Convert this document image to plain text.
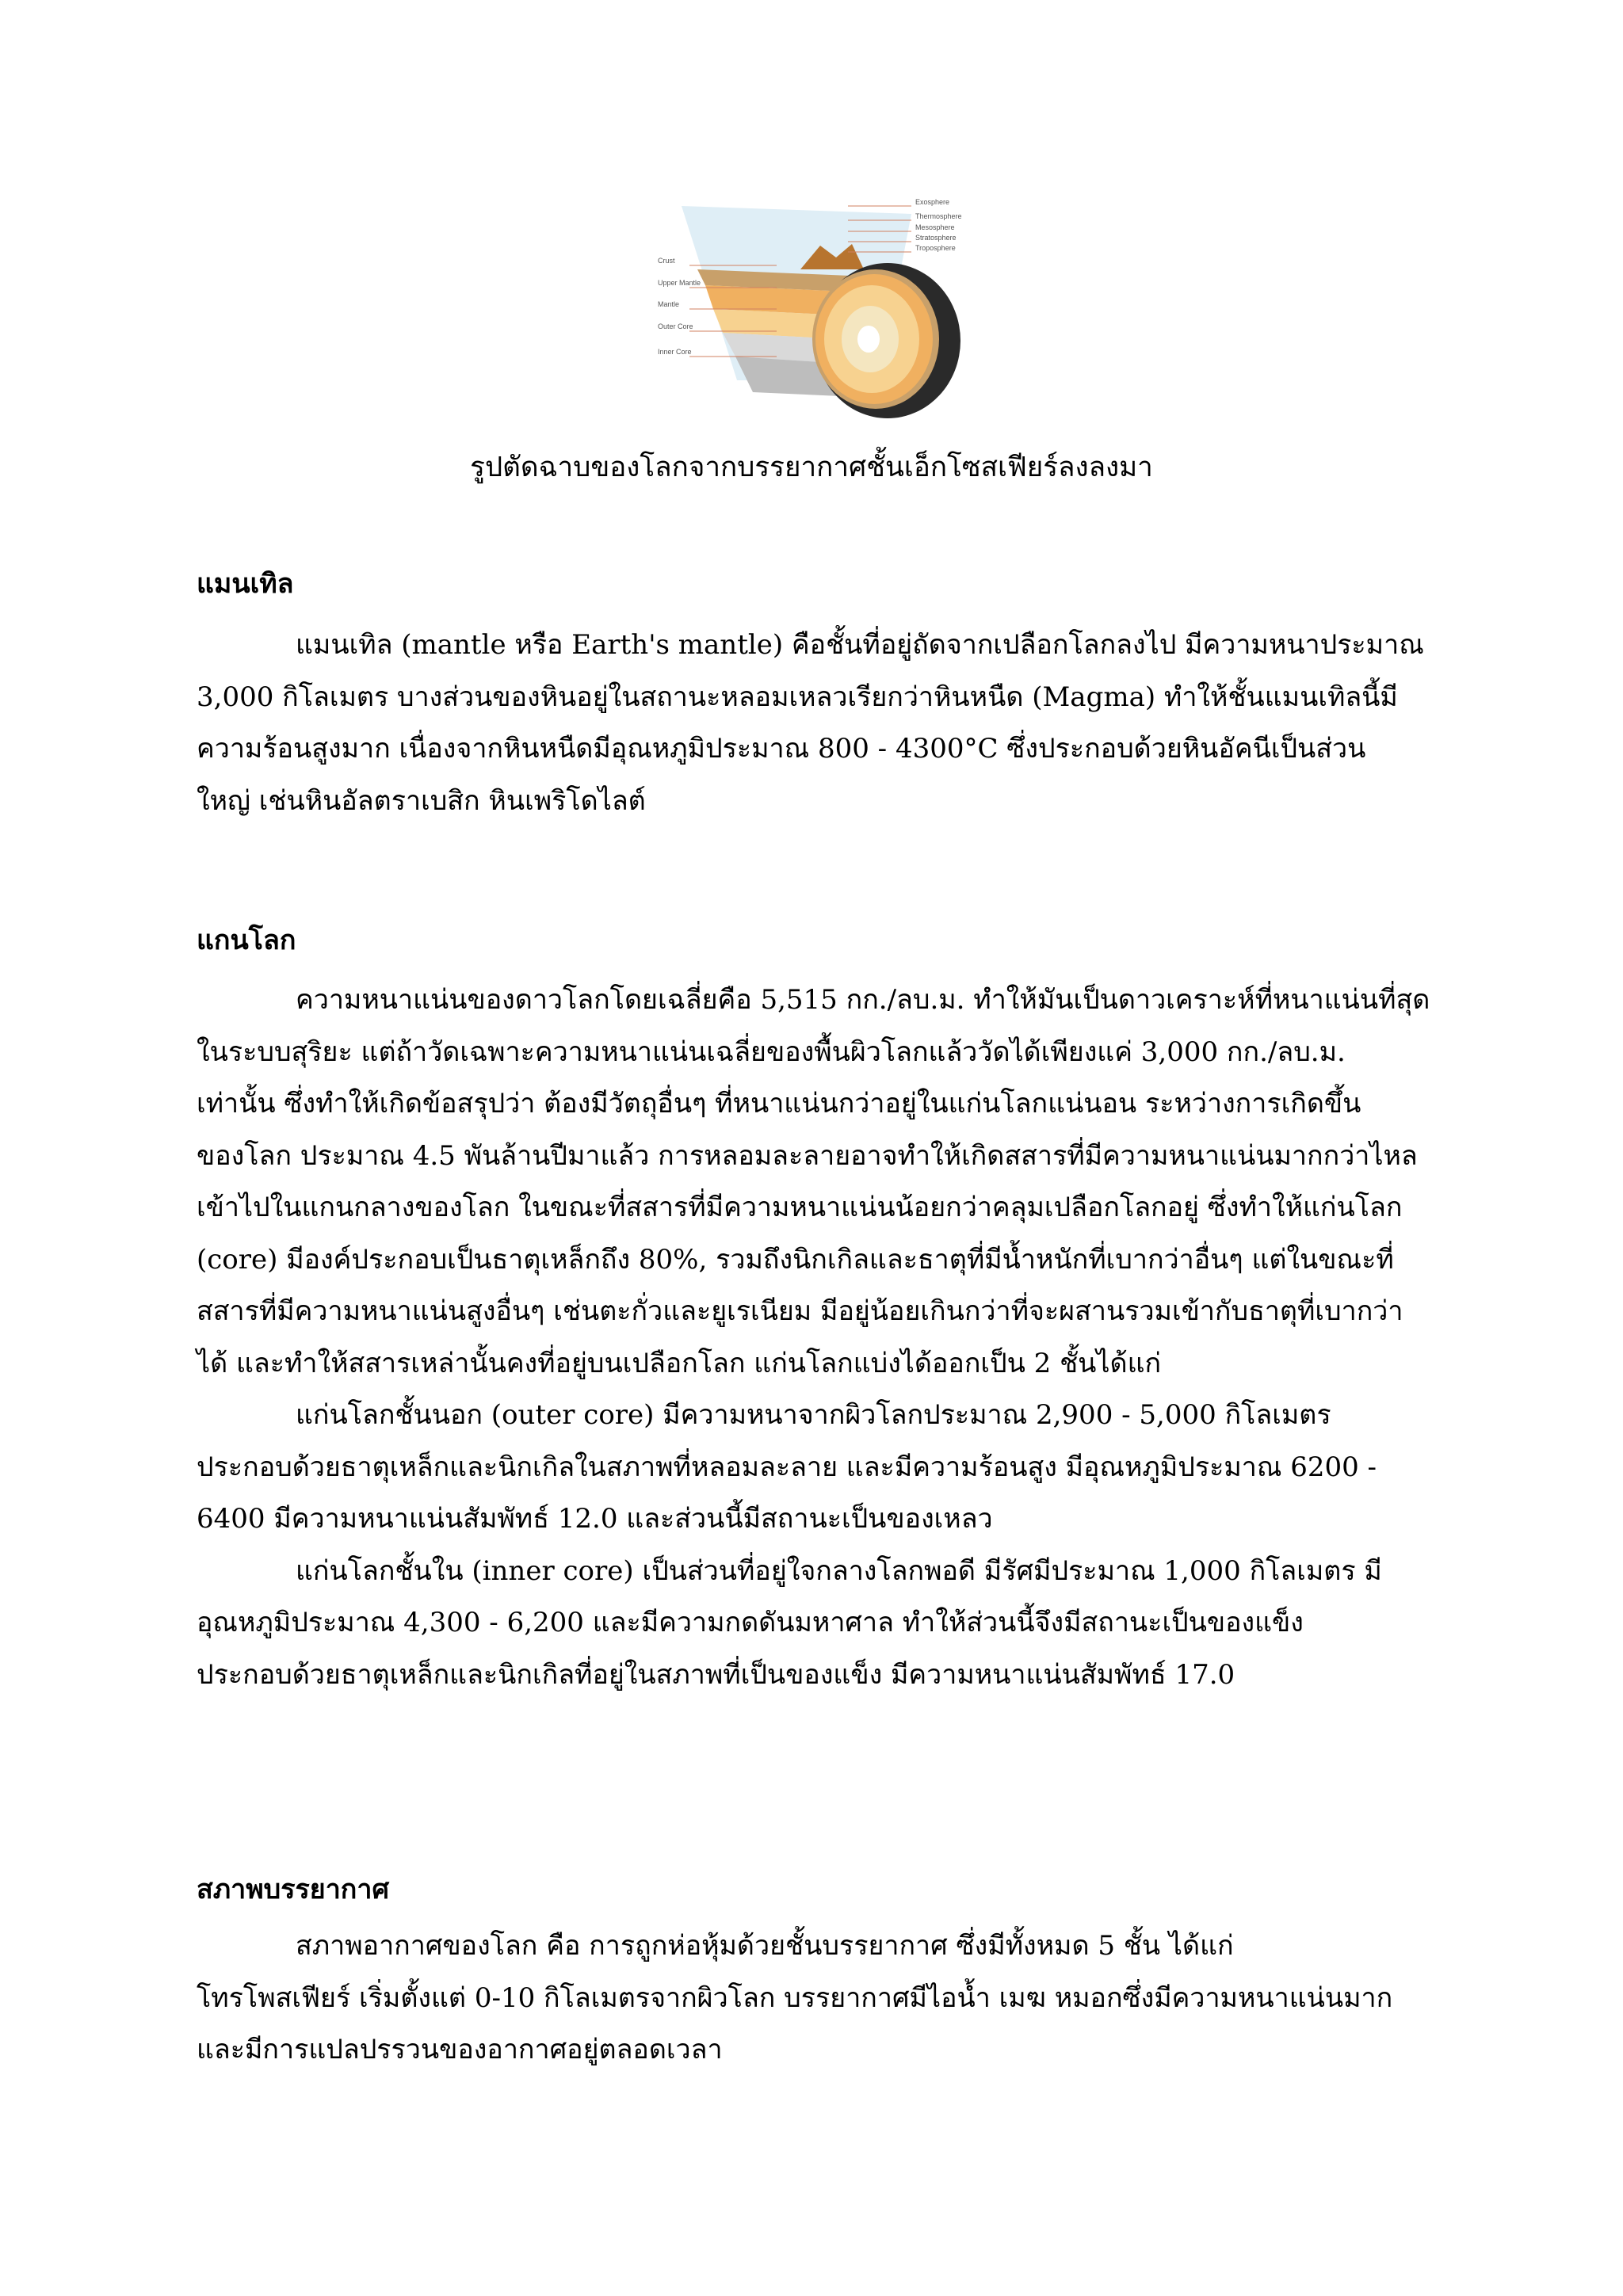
Crust
Upper Mantle
Mantle
Outer Core
Inner Core
Exosphere
Thermosphere
Mesosphere
Stratosphere
Troposphere
รูปตัดฉาบของโลกจากบรรยากาศชั้นเอ็กโซสเฟียร์ลงลงมา
แมนเทิล
แมนเทิล (mantle หรือ Earth's mantle) คือชั้นที่อยู่ถัดจากเปลือกโลกลงไป มีความหนาประมาณ
3,000 กิโลเมตร บางส่วนของหินอยู่ในสถานะหลอมเหลวเรียกว่าหินหนืด (Magma) ทำให้ชั้นแมนเทิลนี้มี
ความร้อนสูงมาก เนื่องจากหินหนืดมีอุณหภูมิประมาณ 800 - 4300°C ซึ่งประกอบด้วยหินอัคนีเป็นส่วน
ใหญ่ เช่นหินอัลตราเบสิก หินเพริโดไลต์
แกนโลก
ความหนาแน่นของดาวโลกโดยเฉลี่ยคือ 5,515 กก./ลบ.ม. ทำให้มันเป็นดาวเคราะห์ที่หนาแน่นที่สุด
ในระบบสุริยะ แต่ถ้าวัดเฉพาะความหนาแน่นเฉลี่ยของพื้นผิวโลกแล้ววัดได้เพียงแค่ 3,000 กก./ลบ.ม.
เท่านั้น ซึ่งทำให้เกิดข้อสรุปว่า ต้องมีวัตถุอื่นๆ ที่หนาแน่นกว่าอยู่ในแก่นโลกแน่นอน ระหว่างการเกิดขึ้น
ของโลก ประมาณ 4.5 พันล้านปีมาแล้ว การหลอมละลายอาจทำให้เกิดสสารที่มีความหนาแน่นมากกว่าไหล
เข้าไปในแกนกลางของโลก ในขณะที่สสารที่มีความหนาแน่นน้อยกว่าคลุมเปลือกโลกอยู่ ซึ่งทำให้แก่นโลก
(core) มีองค์ประกอบเป็นธาตุเหล็กถึง 80%, รวมถึงนิกเกิลและธาตุที่มีน้ำหนักที่เบากว่าอื่นๆ แต่ในขณะที่
สสารที่มีความหนาแน่นสูงอื่นๆ เช่นตะกั่วและยูเรเนียม มีอยู่น้อยเกินกว่าที่จะผสานรวมเข้ากับธาตุที่เบากว่า
ได้ และทำให้สสารเหล่านั้นคงที่อยู่บนเปลือกโลก แก่นโลกแบ่งได้ออกเป็น 2 ชั้นได้แก่
แก่นโลกชั้นนอก (outer core) มีความหนาจากผิวโลกประมาณ 2,900 - 5,000 กิโลเมตร
ประกอบด้วยธาตุเหล็กและนิกเกิลในสภาพที่หลอมละลาย และมีความร้อนสูง มีอุณหภูมิประมาณ 6200 -
6400 มีความหนาแน่นสัมพัทธ์ 12.0 และส่วนนี้มีสถานะเป็นของเหลว
แก่นโลกชั้นใน (inner core) เป็นส่วนที่อยู่ใจกลางโลกพอดี มีรัศมีประมาณ 1,000 กิโลเมตร มี
อุณหภูมิประมาณ 4,300 - 6,200 และมีความกดดันมหาศาล ทำให้ส่วนนี้จึงมีสถานะเป็นของแข็ง
ประกอบด้วยธาตุเหล็กและนิกเกิลที่อยู่ในสภาพที่เป็นของแข็ง มีความหนาแน่นสัมพัทธ์ 17.0
สภาพบรรยากาศ
สภาพอากาศของโลก คือ การถูกห่อหุ้มด้วยชั้นบรรยากาศ ซึ่งมีทั้งหมด 5 ชั้น ได้แก่
โทรโพสเฟียร์ เริ่มตั้งแต่ 0-10 กิโลเมตรจากผิวโลก บรรยากาศมีไอน้ำ เมฆ หมอกซึ่งมีความหนาแน่นมาก
และมีการแปลปรรวนของอากาศอยู่ตลอดเวลา
